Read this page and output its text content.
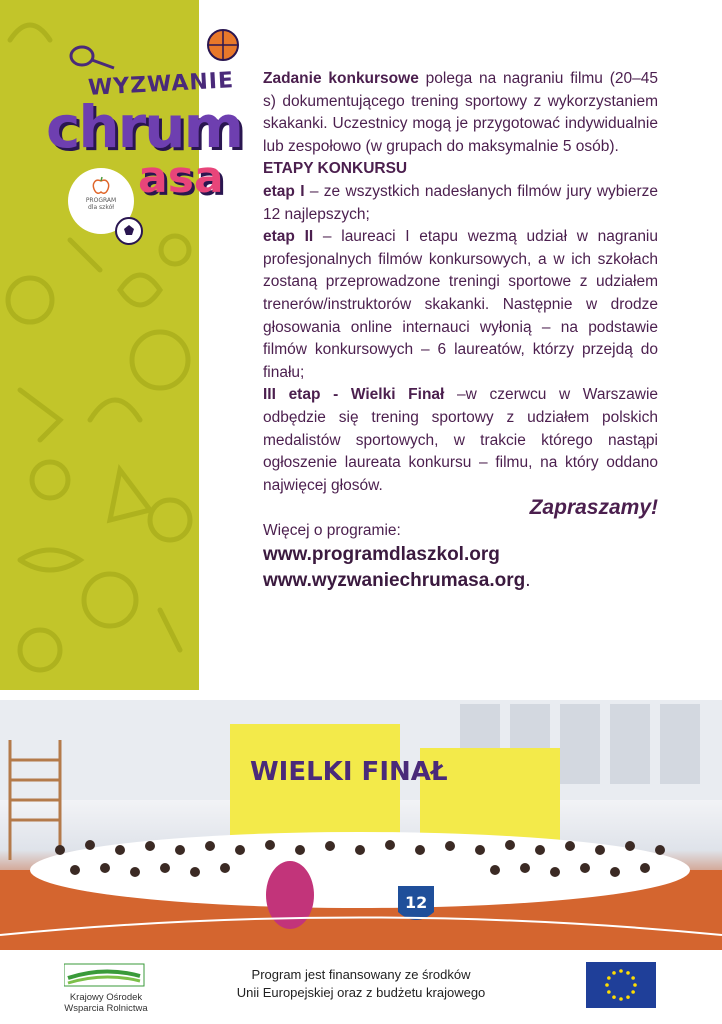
WYZWANIE
chrum
asa
PROGRAM
dla szkół

Zadanie konkursowe polega na nagraniu filmu (20–45 s) dokumentującego trening sportowy z wykorzystaniem skakanki. Uczestnicy mogą je przygotować indywidualnie lub zespołowo (w grupach do maksymalnie 5 osób).

ETAPY KONKURSU

etap I – ze wszystkich nadesłanych filmów jury wybierze 12 najlepszych;

etap II – laureaci I etapu wezmą udział w nagraniu profesjonalnych filmów konkursowych, a w ich szkołach zostaną przeprowadzone treningi sportowe z udziałem trenerów/instruktorów skakanki. Następnie w drodze głosowania online internauci wyłonią – na podstawie filmów konkursowych – 6 laureatów, którzy przejdą do finału;

III etap - Wielki Finał –w czerwcu w Warszawie odbędzie się trening sportowy z udziałem polskich medalistów sportowych, w trakcie którego nastąpi ogłoszenie laureata konkursu – filmu, na który oddano najwięcej głosów.

Zapraszamy!

Więcej o programie:

www.programdlaszkol.org

www.wyzwaniechrumasa.org.

WIELKI FINAŁ
12
Krajowy Ośrodek
Wsparcia Rolnictwa
Program jest finansowany ze środków
Unii Europejskiej oraz z budżetu krajowego
